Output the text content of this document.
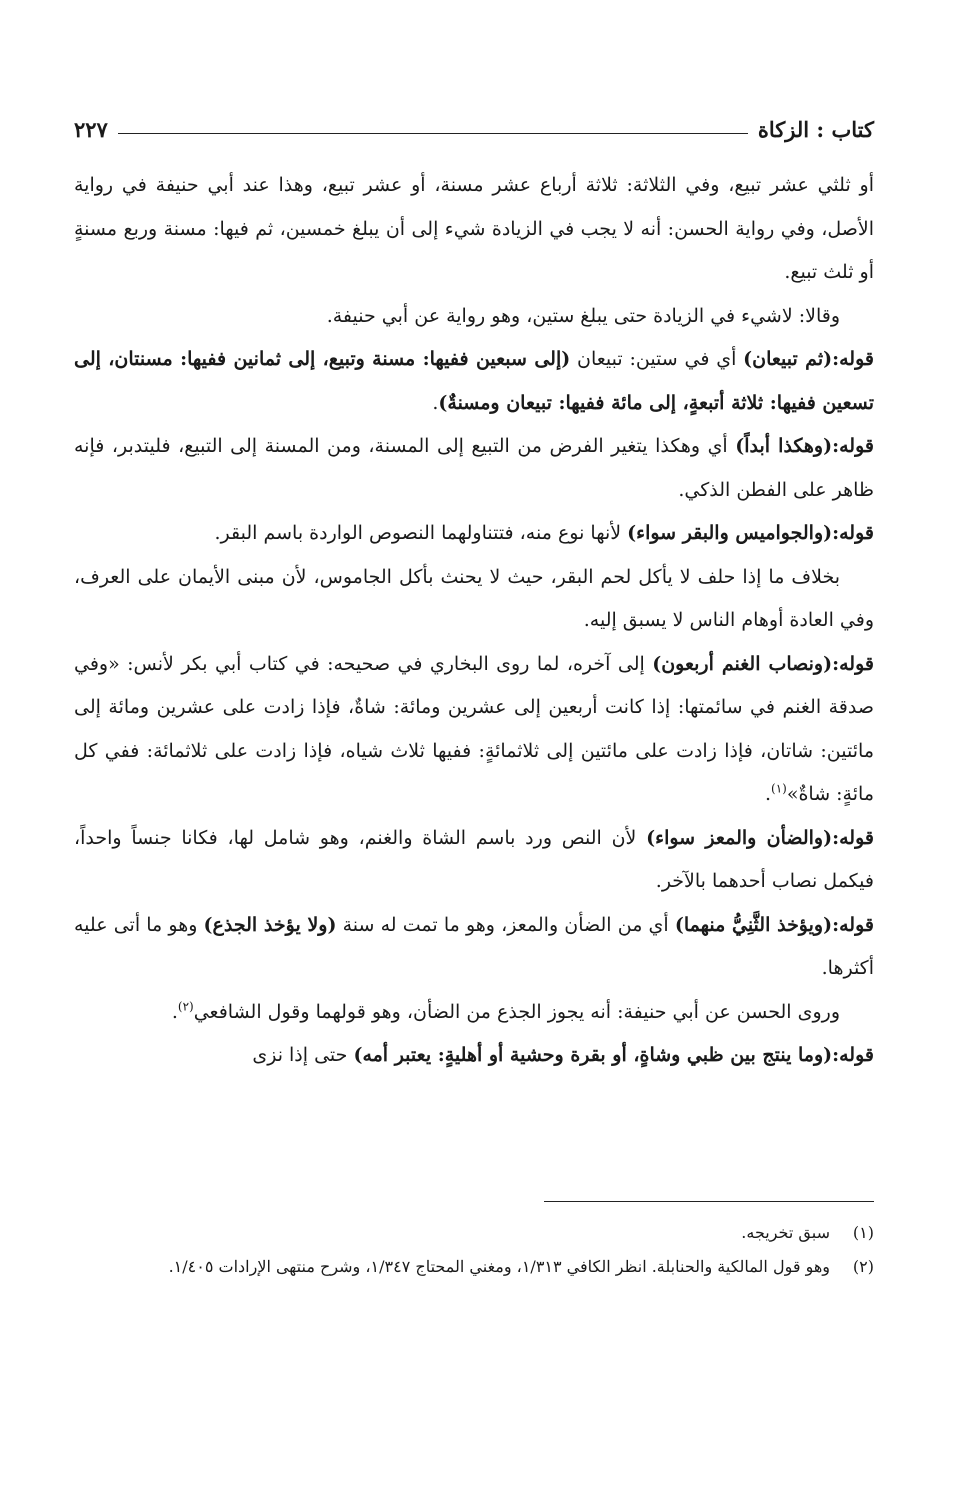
كتاب : الزكاة
٢٢٧

أو ثلثي عشر تبيع، وفي الثلاثة: ثلاثة أرباع عشر مسنة، أو عشر تبيع، وهذا عند أبي حنيفة في رواية الأصل، وفي رواية الحسن: أنه لا يجب في الزيادة شيء إلى أن يبلغ خمسين، ثم فيها: مسنة وربع مسنةٍ أو ثلث تبيع.

وقالا: لاشيء في الزيادة حتى يبلغ ستين، وهو رواية عن أبي حنيفة.

قوله:(ثم تبيعان) أي في ستين: تبيعان (إلى سبعين ففيها: مسنة وتبيع، إلى ثمانين ففيها: مسنتان، إلى تسعين ففيها: ثلاثة أتبعةٍ، إلى مائة ففيها: تبيعان ومسنةٌ).

قوله:(وهكذا أبداً) أي وهكذا يتغير الفرض من التبيع إلى المسنة، ومن المسنة إلى التبيع، فليتدبر، فإنه ظاهر على الفطن الذكي.

قوله:(والجواميس والبقر سواء) لأنها نوع منه، فتتناولهما النصوص الواردة باسم البقر.

بخلاف ما إذا حلف لا يأكل لحم البقر، حيث لا يحنث بأكل الجاموس، لأن مبنى الأيمان على العرف، وفي العادة أوهام الناس لا يسبق إليه.

قوله:(ونصاب الغنم أربعون) إلى آخره، لما روى البخاري في صحيحه: في كتاب أبي بكر لأنس: «وفي صدقة الغنم في سائمتها: إذا كانت أربعين إلى عشرين ومائة: شاةٌ، فإذا زادت على عشرين ومائة إلى مائتين: شاتان، فإذا زادت على مائتين إلى ثلاثمائةٍ: ففيها ثلاث شياه، فإذا زادت على ثلاثمائة: ففي كل مائةٍ: شاةٌ»$^{(١)}$.

قوله:(والضأن والمعز سواء) لأن النص ورد باسم الشاة والغنم، وهو شامل لها، فكانا جنساً واحداً، فيكمل نصاب أحدهما بالآخر.

قوله:(ويؤخذ الثَّنِيُّ منهما) أي من الضأن والمعز، وهو ما تمت له سنة (ولا يؤخذ الجذع) وهو ما أتى عليه أكثرها.

وروى الحسن عن أبي حنيفة: أنه يجوز الجذع من الضأن، وهو قولهما وقول الشافعي$^{(٢)}$.

قوله:(وما ينتج بين ظبي وشاةٍ، أو بقرة وحشية أو أهليةٍ: يعتبر أمه) حتى إذا نزى

(١)
سبق تخريجه.
(٢)
وهو قول المالكية والحنابلة. انظر الكافي ١/٣١٣، ومغني المحتاج ١/٣٤٧، وشرح منتهى الإرادات ١/٤٠٥.
